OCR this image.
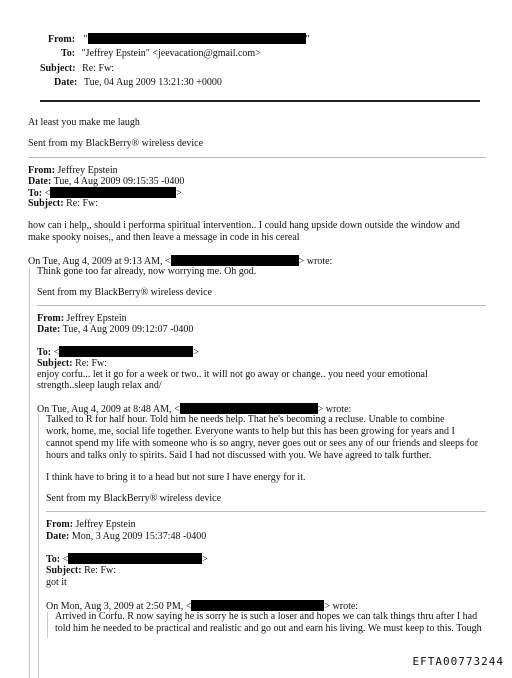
From: "	"
To: "Jeffrey Epstein" <jeevacation@gmail.com>
Subject: Re: Fw:
Date: Tue, 04 Aug 2009 13:21:30 +0000
At least you make me laugh
Sent from my BlackBerry® wireless device
From: Jeffrey Epstein
Date: Tue, 4 Aug 2009 09:15:35 -0400
To: <	>
Subject: Re: Fw:
how can i help,, should i performa spiritual intervention.. I could hang upside down outside the window and
make spooky noises,, and then leave a message in code in his cereal
On Tue, Aug 4, 2009 at 9:13 AM, <	> wrote:
Think gone too far already, now worrying me. Oh god.
Sent from my BlackBerry® wireless device
From: Jeffrey Epstein
Date: Tue, 4 Aug 2009 09:12:07 -0400
To: <	>
Subject: Re: Fw:
enjoy corfu... let it go for a week or two.. it will not go away or change.. you need your emotional
strength..sleep laugh relax and/
On Tue, Aug 4, 2009 at 8:48 AM, <	> wrote:
Talked to R for half hour. Told him he needs help. That he's becoming a recluse. Unable to combine
work, home, me, social life together. Everyone wants to help but this has been growing for years and I
cannot spend my life with someone who is so angry, never goes out or sees any of our friends and sleeps for
hours and talks only to spirits. Said I had not discussed with you. We have agreed to talk further.
I think have to bring it to a head but not sure I have energy for it.
Sent from my BlackBerry® wireless device
From: Jeffrey Epstein
Date: Mon, 3 Aug 2009 15:37:48 -0400
To: <	>
Subject: Re: Fw:
got it
On Mon, Aug 3, 2009 at 2:50 PM, <	> wrote:
Arrived in Corfu. R now saying he is sorry he is such a loser and hopes we can talk things thru after I had
told him he needed to be practical and realistic and go out and earn his living. We must keep to this. Tough
EFTA00773244
